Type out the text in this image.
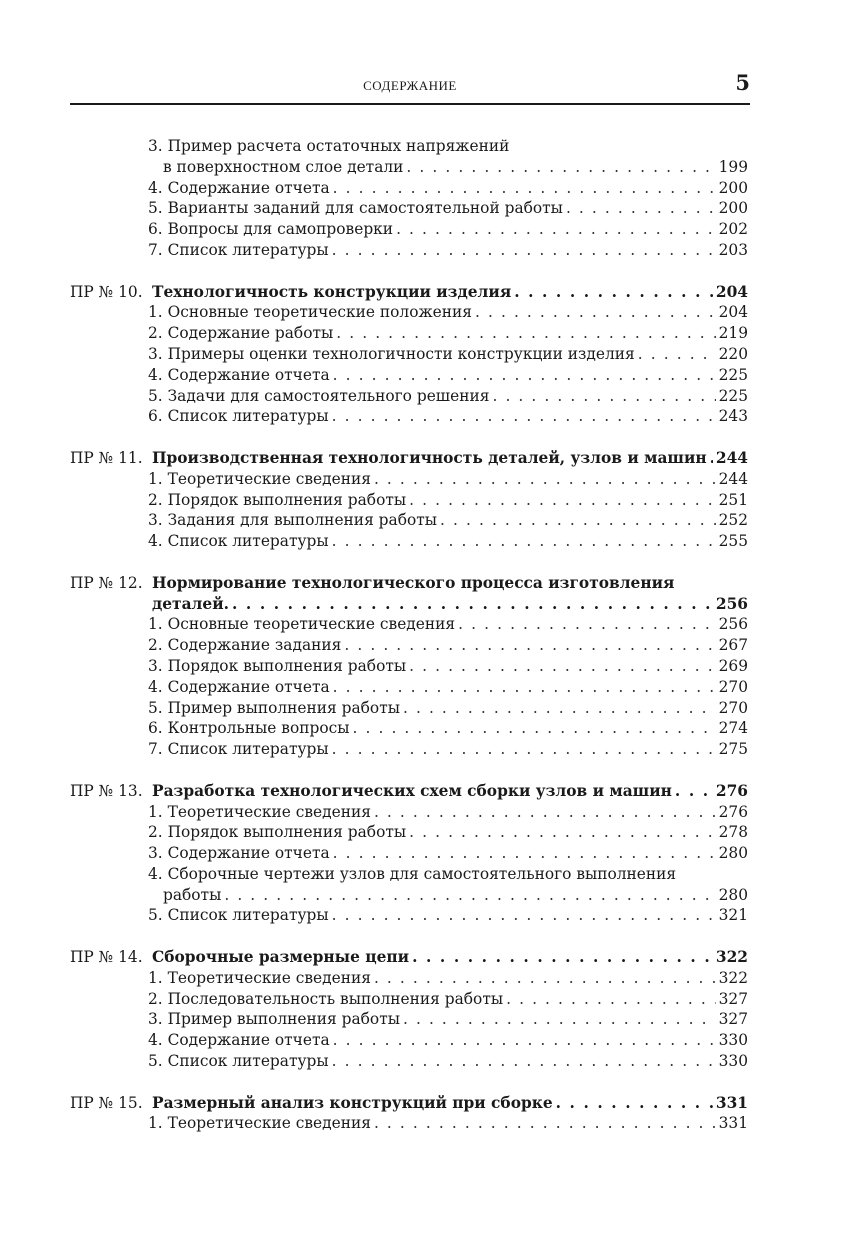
СОДЕРЖАНИЕ	5
3. Пример расчета остаточных напряжений
в поверхностном слое детали . . .	199
4. Содержание отчета . . .	200
5. Варианты заданий для самостоятельной работы . . .	200
6. Вопросы для самопроверки . . .	202
7. Список литературы . . .	203
ПР № 10. Технологичность конструкции изделия . . .	204
1. Основные теоретические положения . . .	204
2. Содержание работы . . .	219
3. Примеры оценки технологичности конструкции изделия . . .	220
4. Содержание отчета . . .	225
5. Задачи для самостоятельного решения . . .	225
6. Список литературы . . .	243
ПР № 11. Производственная технологичность деталей, узлов и машин . . . 244
1. Теоретические сведения . . .	244
2. Порядок выполнения работы . . .	251
3. Задания для выполнения работы . . .	252
4. Список литературы . . .	255
ПР № 12. Нормирование технологического процесса изготовления
деталей. . . .	256
1. Основные теоретические сведения . . .	256
2. Содержание задания . . .	267
3. Порядок выполнения работы . . .	269
4. Содержание отчета . . .	270
5. Пример выполнения работы . . .	270
6. Контрольные вопросы . . .	274
7. Список литературы . . .	275
ПР № 13. Разработка технологических схем сборки узлов и машин . . .	276
1. Теоретические сведения . . .	276
2. Порядок выполнения работы . . .	278
3. Содержание отчета . . .	280
4. Сборочные чертежи узлов для самостоятельного выполнения
работы . . .	280
5. Список литературы . . .	321
ПР № 14. Сборочные размерные цепи . . .	322
1. Теоретические сведения . . .	322
2. Последовательность выполнения работы . . .	327
3. Пример выполнения работы . . .	327
4. Содержание отчета . . .	330
5. Список литературы . . .	330
ПР № 15. Размерный анализ конструкций при сборке . . .	331
1. Теоретические сведения . . .	331
